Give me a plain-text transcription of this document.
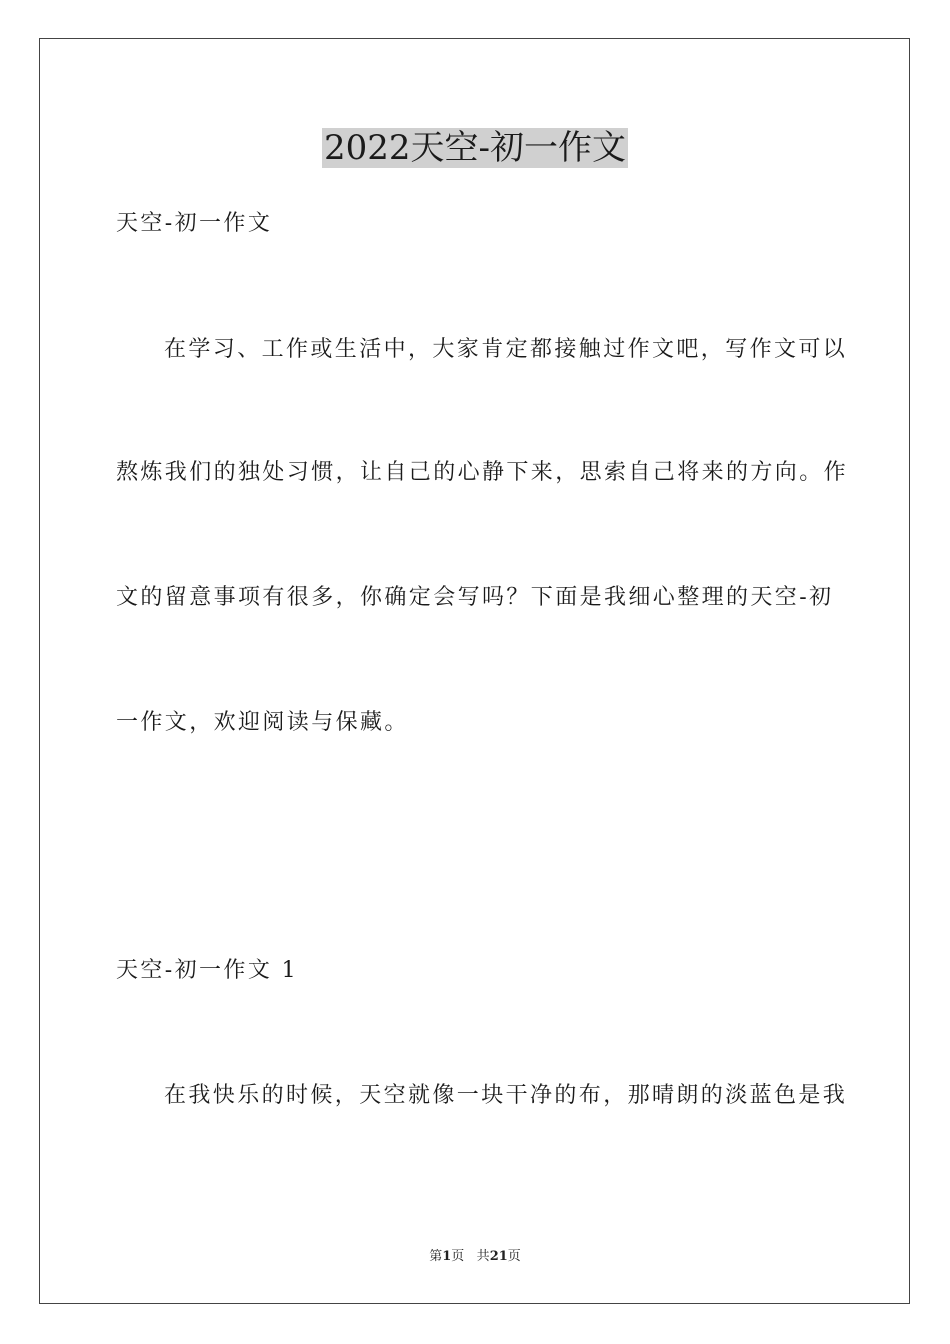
2022天空-初一作文
天空-初一作文
在学习、工作或生活中，大家肯定都接触过作文吧，写作文可以
熬炼我们的独处习惯，让自己的心静下来，思索自己将来的方向。作
文的留意事项有很多，你确定会写吗？下面是我细心整理的天空-初
一作文，欢迎阅读与保藏。
天空-初一作文 1
在我快乐的时候，天空就像一块干净的布，那晴朗的淡蓝色是我
第1页 共21页
